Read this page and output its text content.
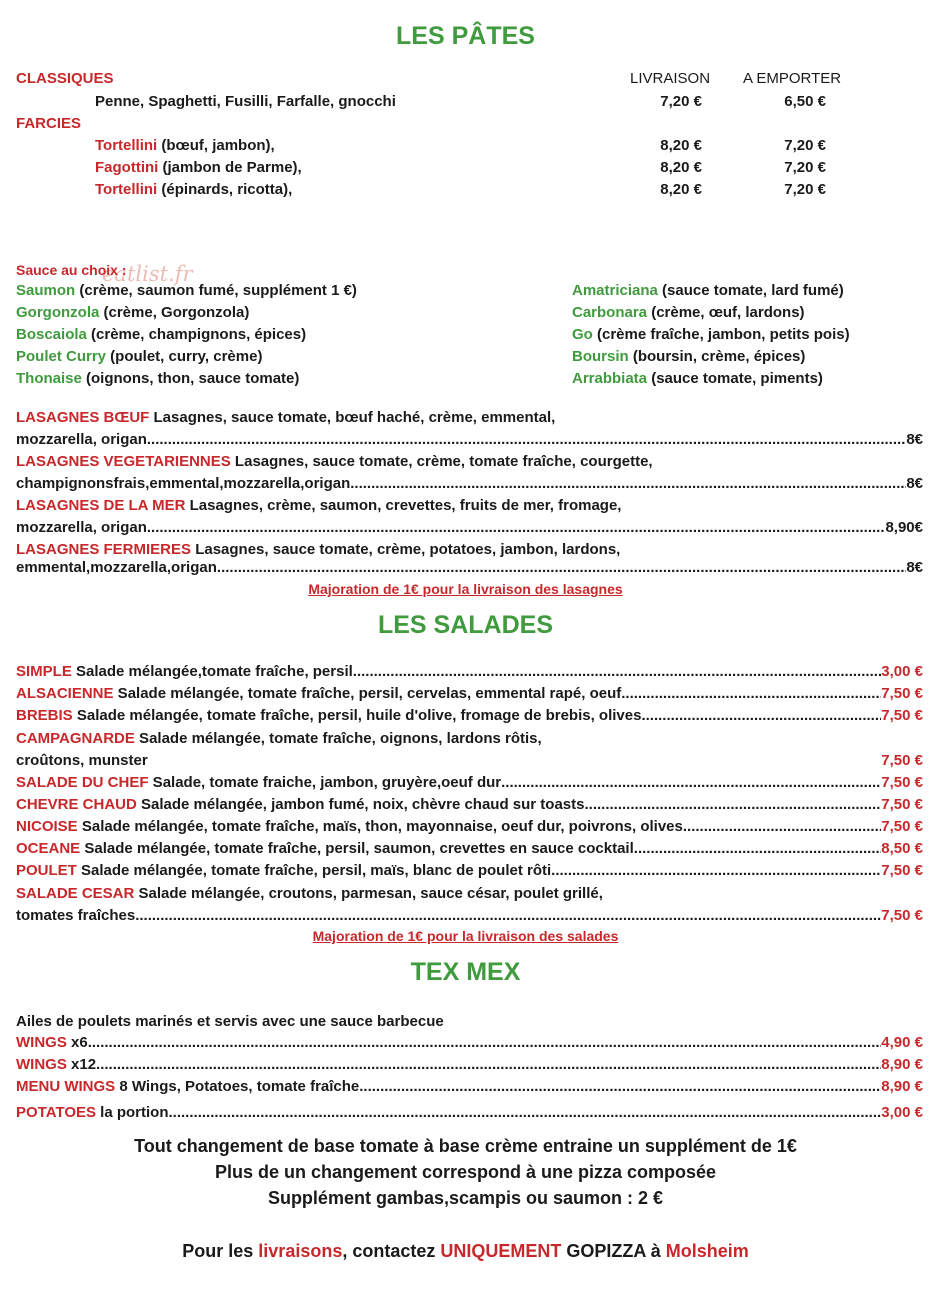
LES PÂTES
CLASSIQUES	LIVRAISON A EMPORTER
Penne, Spaghetti, Fusilli, Farfalle, gnocchi	7,20 €	6,50 €
FARCIES
Tortellini (bœuf, jambon),	8,20 €	7,20 €
Fagottini (jambon de Parme),	8,20 €	7,20 €
Tortellini (épinards, ricotta),	8,20 €	7,20 €
Sauce au choix :
eatlist.fr
Saumon (crème, saumon fumé, supplément 1 €)
Gorgonzola (crème, Gorgonzola)
Boscaiola (crème, champignons, épices)
Poulet Curry (poulet, curry, crème)
Thonaise (oignons, thon, sauce tomate)
Amatriciana (sauce tomate, lard fumé)
Carbonara (crème, œuf, lardons)
Go (crème fraîche, jambon, petits pois)
Boursin (boursin, crème, épices)
Arrabbiata (sauce tomate, piments)
LASAGNES BŒUF Lasagnes, sauce tomate, bœuf haché, crème, emmental,
mozzarella, origan .....	8€
LASAGNES VEGETARIENNES Lasagnes, sauce tomate, crème, tomate fraîche, courgette,
champignonsfrais,emmental,mozzarella,origan .....	8€
LASAGNES DE LA MER Lasagnes, crème, saumon, crevettes, fruits de mer, fromage,
mozzarella, origan .....	8,90€
LASAGNES FERMIERES Lasagnes, sauce tomate, crème, potatoes, jambon, lardons,
emmental,mozzarella,origan .....	8€
Majoration de 1€ pour la livraison des lasagnes
LES SALADES
SIMPLE Salade mélangée,tomate fraîche, persil .....	3,00 €
ALSACIENNE Salade mélangée, tomate fraîche, persil, cervelas, emmental rapé, oeuf .....	7,50 €
BREBIS Salade mélangée, tomate fraîche, persil, huile d'olive, fromage de brebis, olives .....	7,50 €
CAMPAGNARDE Salade mélangée, tomate fraîche, oignons, lardons rôtis,
croûtons, munster	7,50 €
SALADE DU CHEF Salade, tomate fraiche, jambon, gruyère,oeuf dur .....	7,50 €
CHEVRE CHAUD Salade mélangée, jambon fumé, noix, chèvre chaud sur toasts .....	7,50 €
NICOISE Salade mélangée, tomate fraîche, maïs, thon, mayonnaise, oeuf dur, poivrons, olives .....	7,50 €
OCEANE Salade mélangée, tomate fraîche, persil, saumon, crevettes en sauce cocktail .....	8,50 €
POULET Salade mélangée, tomate fraîche, persil, maïs, blanc de poulet rôti .....	7,50 €
SALADE CESAR Salade mélangée, croutons, parmesan, sauce césar, poulet grillé,
tomates fraîches .....	7,50 €
Majoration de 1€ pour la livraison des salades
TEX MEX
Ailes de poulets marinés et servis avec une sauce barbecue
WINGS x6 .....	4,90 €
WINGS x12 .....	8,90 €
MENU WINGS 8 Wings, Potatoes, tomate fraîche .....	8,90 €
POTATOES la portion .....	3,00 €
Tout changement de base tomate à base crème entraine un supplément de 1€
Plus de un changement correspond à une pizza composée
Supplément gambas,scampis ou saumon : 2 €
Pour les livraisons, contactez UNIQUEMENT GOPIZZA à Molsheim
